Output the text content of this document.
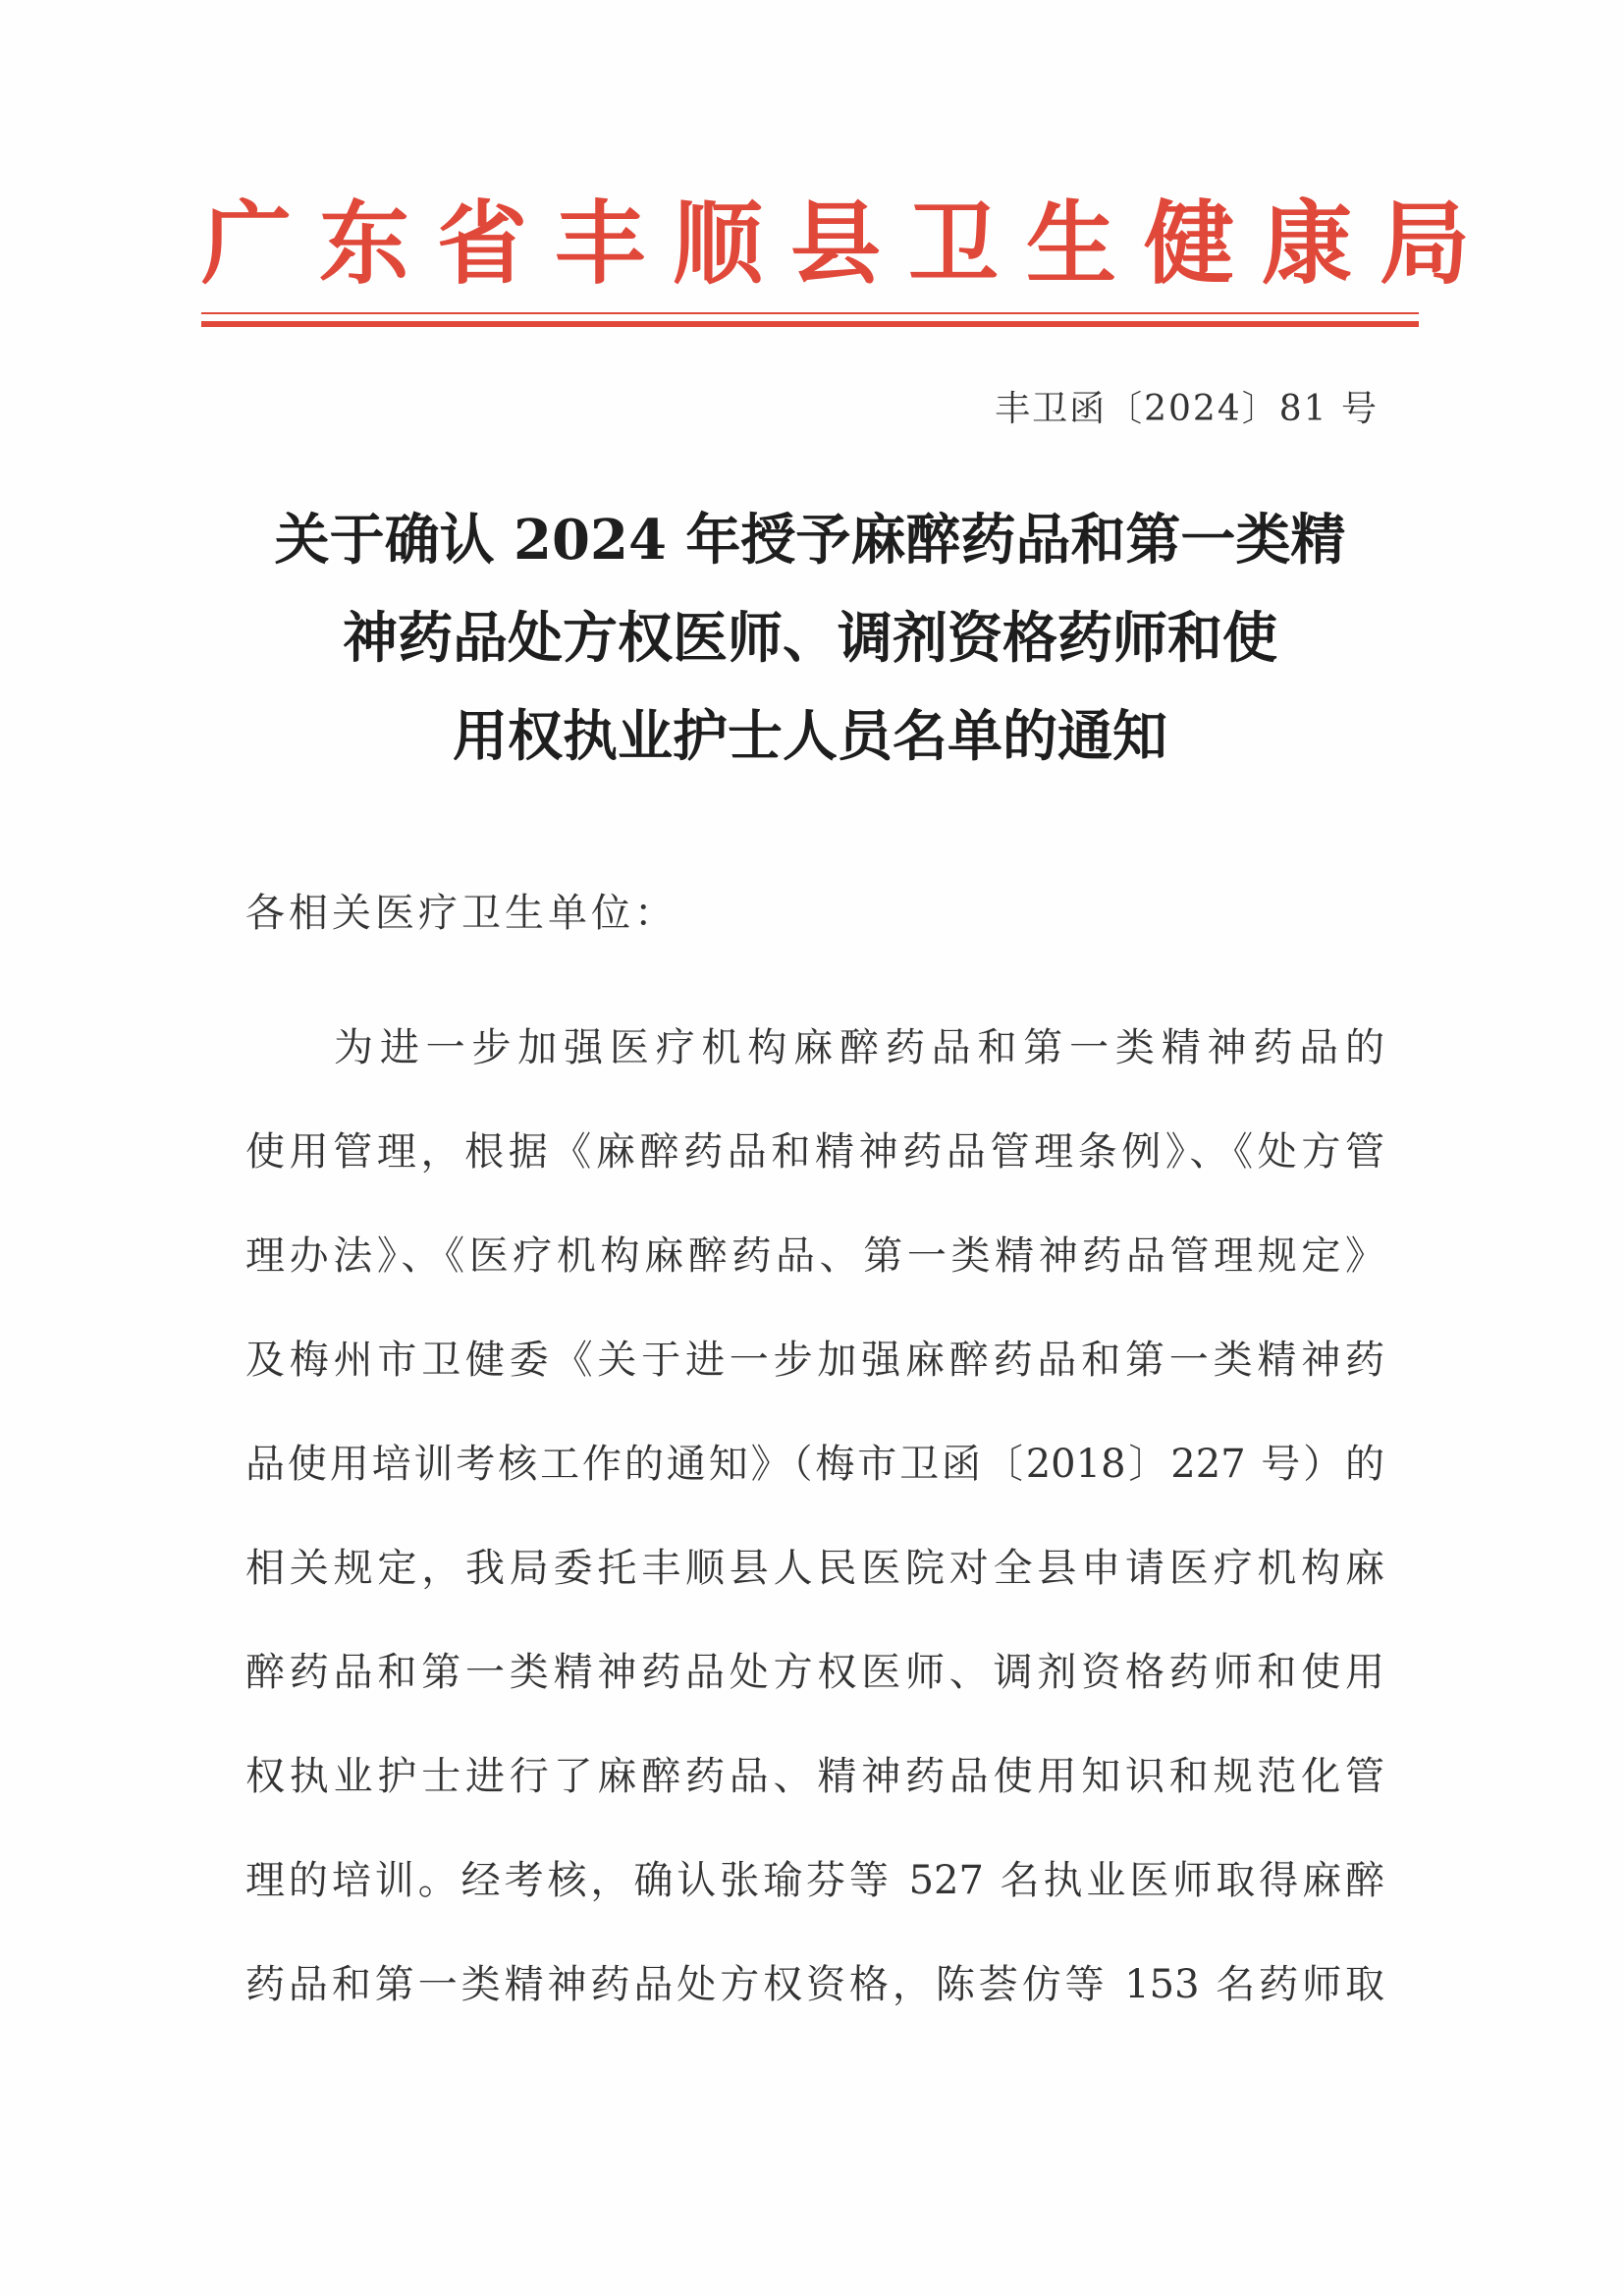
广东省丰顺县卫生健康局
丰卫函〔2024〕81 号
关于确认 2024 年授予麻醉药品和第一类精
神药品处方权医师、调剂资格药师和使
用权执业护士人员名单的通知
各相关医疗卫生单位：
为进一步加强医疗机构麻醉药品和第一类精神药品的
使用管理，根据《麻醉药品和精神药品管理条例》、《处方管
理办法》、《医疗机构麻醉药品、第一类精神药品管理规定》
及梅州市卫健委《关于进一步加强麻醉药品和第一类精神药
品使用培训考核工作的通知》（梅市卫函〔2018〕227 号）的
相关规定，我局委托丰顺县人民医院对全县申请医疗机构麻
醉药品和第一类精神药品处方权医师、调剂资格药师和使用
权执业护士进行了麻醉药品、精神药品使用知识和规范化管
理的培训。经考核，确认张瑜芬等 527 名执业医师取得麻醉
药品和第一类精神药品处方权资格，陈荟仿等 153 名药师取
